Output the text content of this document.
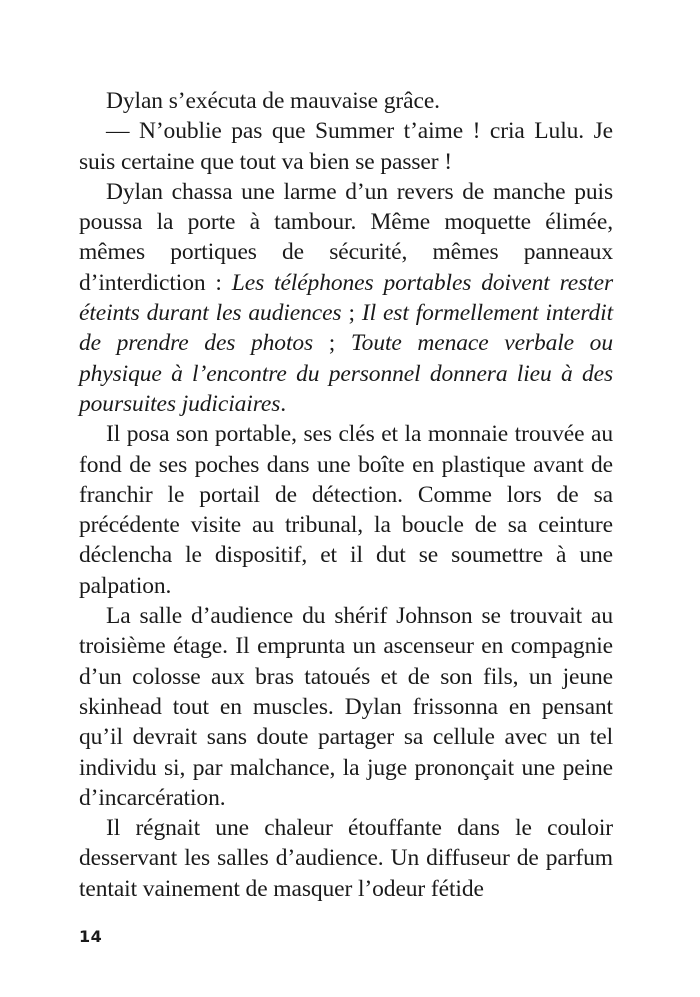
Dylan s’exécuta de mauvaise grâce.

— N’oublie pas que Summer t’aime ! cria Lulu. Je suis certaine que tout va bien se passer !

Dylan chassa une larme d’un revers de manche puis poussa la porte à tambour. Même moquette élimée, mêmes portiques de sécurité, mêmes panneaux d’interdiction : Les téléphones portables doivent rester éteints durant les audiences ; Il est formellement interdit de prendre des photos ; Toute menace verbale ou physique à l’encontre du personnel donnera lieu à des poursuites judiciaires.

Il posa son portable, ses clés et la monnaie trouvée au fond de ses poches dans une boîte en plastique avant de franchir le portail de détection. Comme lors de sa précédente visite au tribunal, la boucle de sa ceinture déclencha le dispositif, et il dut se soumettre à une palpation.

La salle d’audience du shérif Johnson se trouvait au troisième étage. Il emprunta un ascenseur en compagnie d’un colosse aux bras tatoués et de son fils, un jeune skinhead tout en muscles. Dylan frissonna en pensant qu’il devrait sans doute partager sa cellule avec un tel individu si, par malchance, la juge prononçait une peine d’incarcération.

Il régnait une chaleur étouffante dans le couloir desservant les salles d’audience. Un diffuseur de parfum tentait vainement de masquer l’odeur fétide

14
